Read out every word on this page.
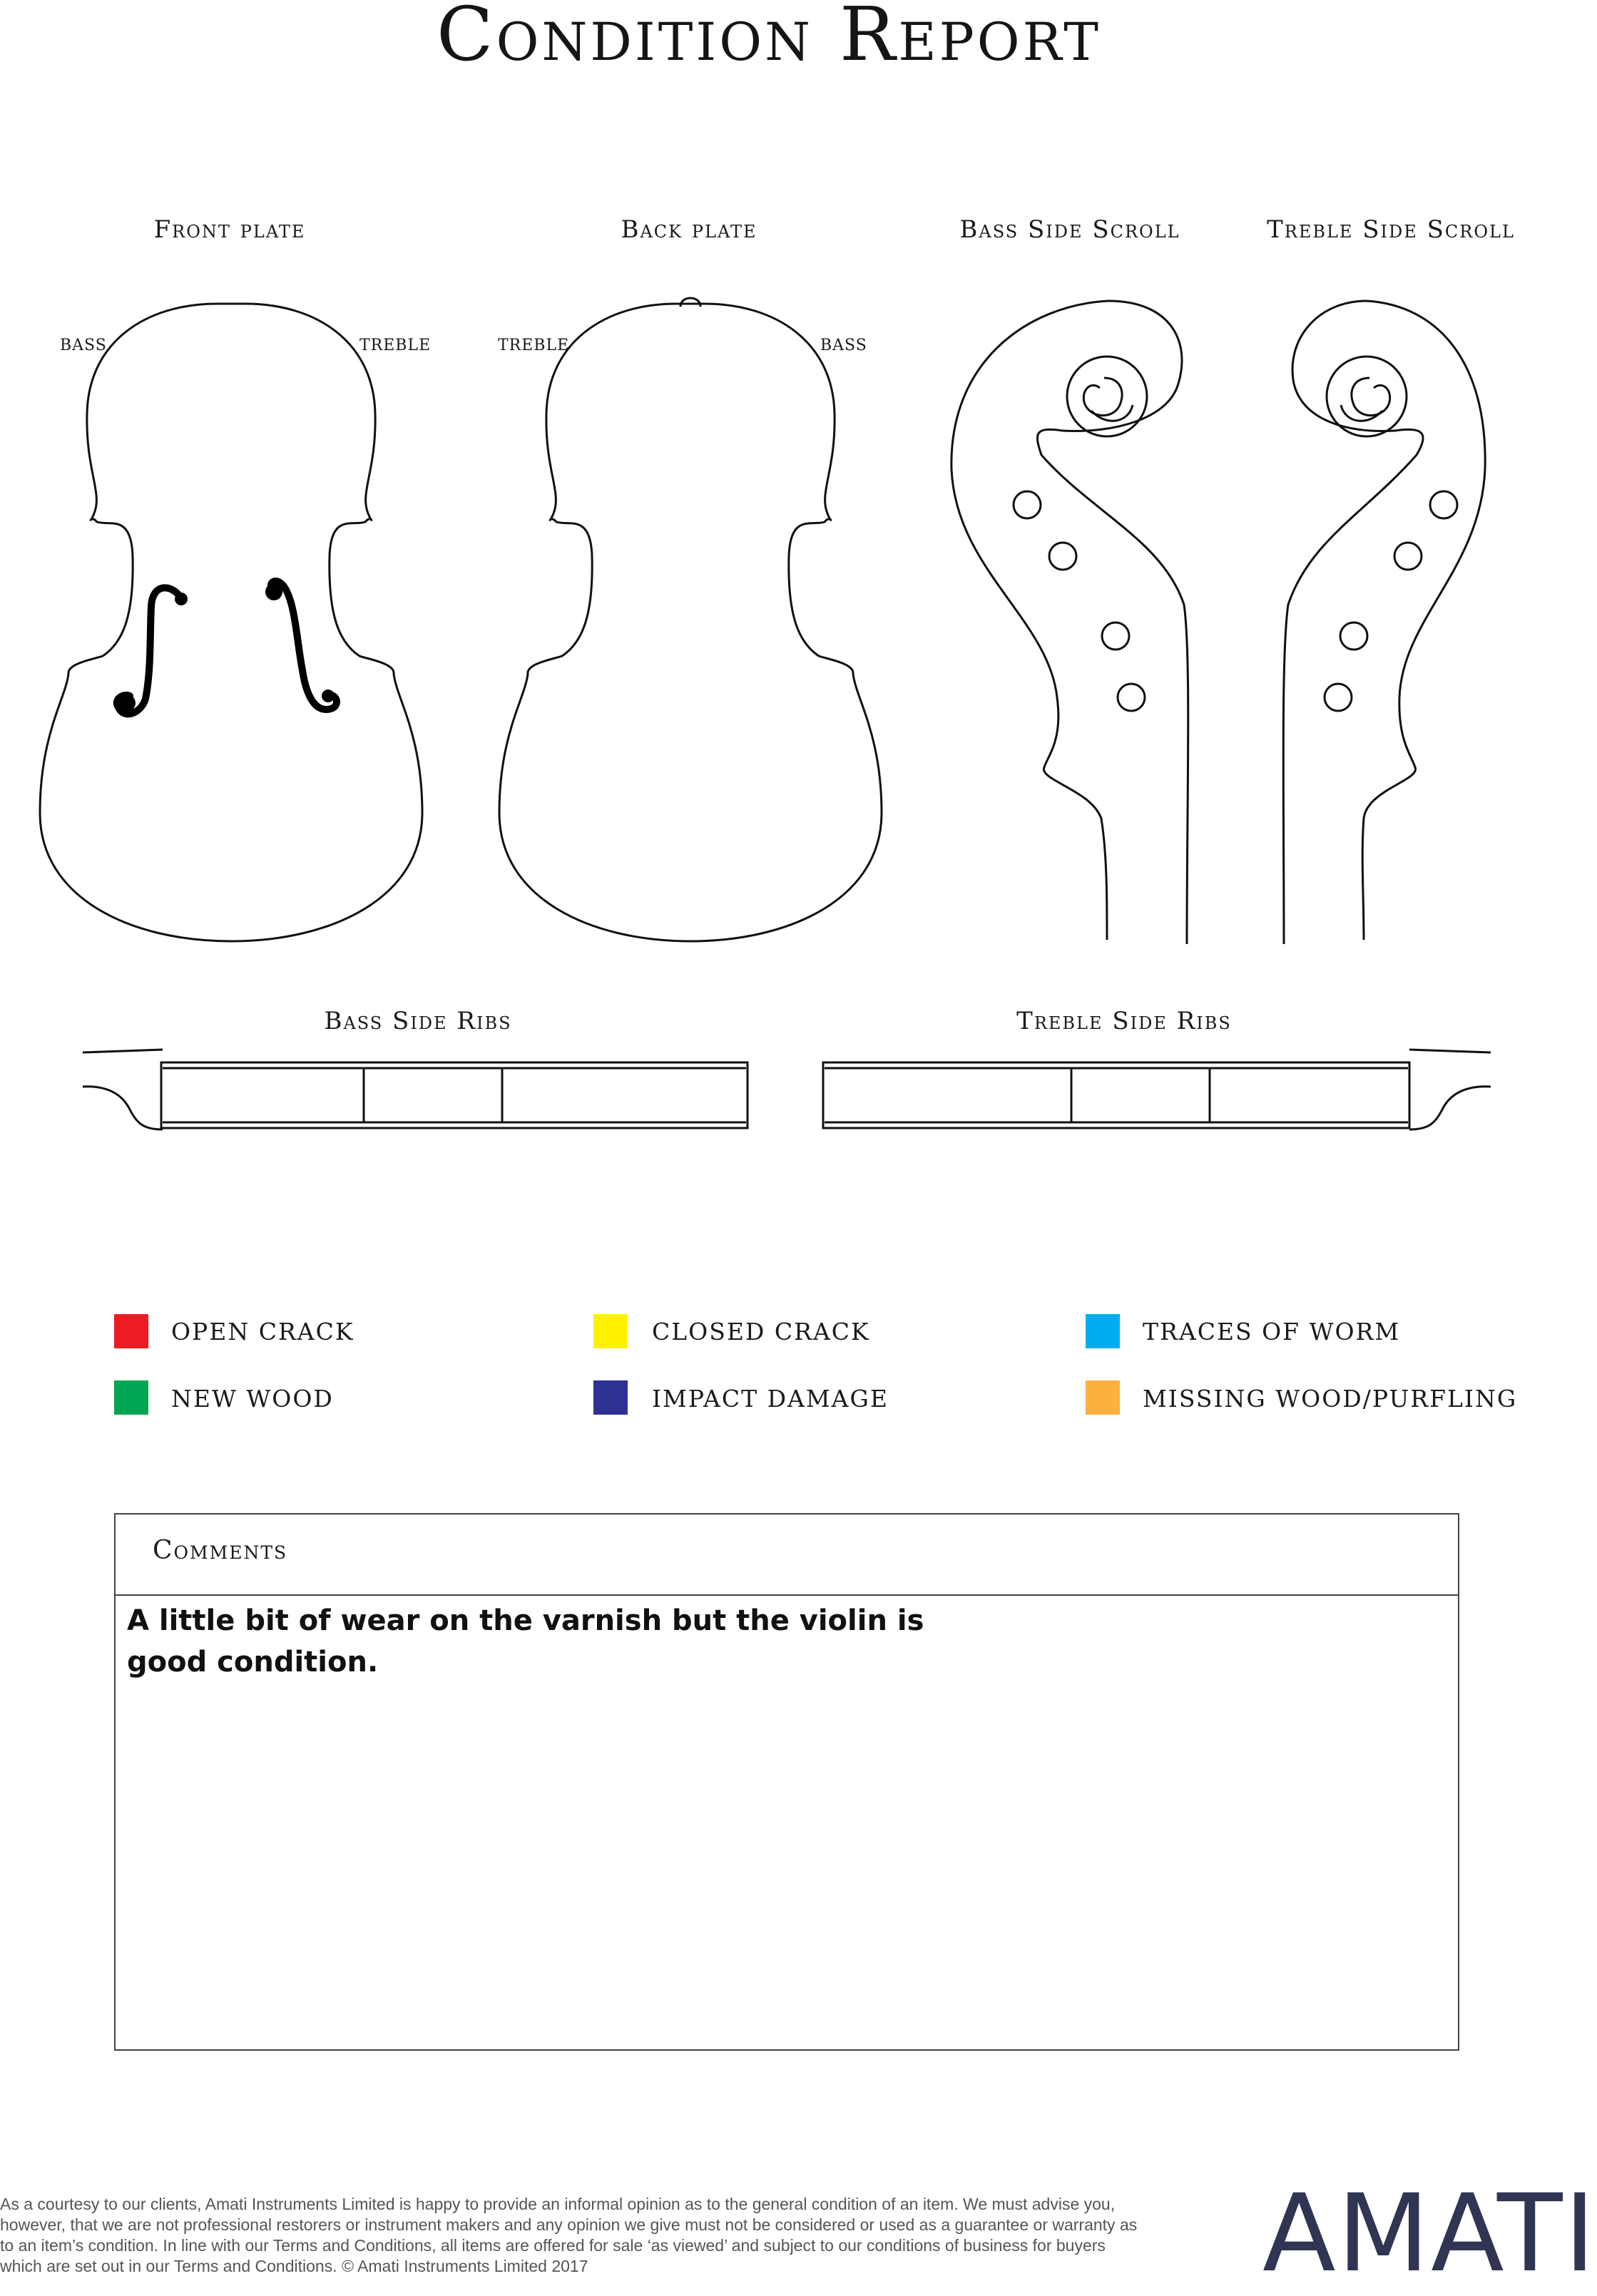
Condition Report
Front plate	Back plate	Bass Side Scroll	Treble Side Scroll
BASS	TREBLE	TREBLE	BASS
Bass Side Ribs	Treble Side Ribs
OPEN CRACK	CLOSED CRACK	TRACES OF WORM
NEW WOOD	IMPACT DAMAGE	MISSING WOOD/PURFLING
Comments
A little bit of wear on the varnish but the violin is good condition.
As a courtesy to our clients, Amati Instruments Limited is happy to provide an informal opinion as to the general condition of an item. We must advise you, however, that we are not professional restorers or instrument makers and any opinion we give must not be considered or used as a guarantee or warranty as to an item’s condition. In line with our Terms and Conditions, all items are offered for sale ‘as viewed’ and subject to our conditions of business for buyers which are set out in our Terms and Conditions. © Amati Instruments Limited 2017	AMATI
